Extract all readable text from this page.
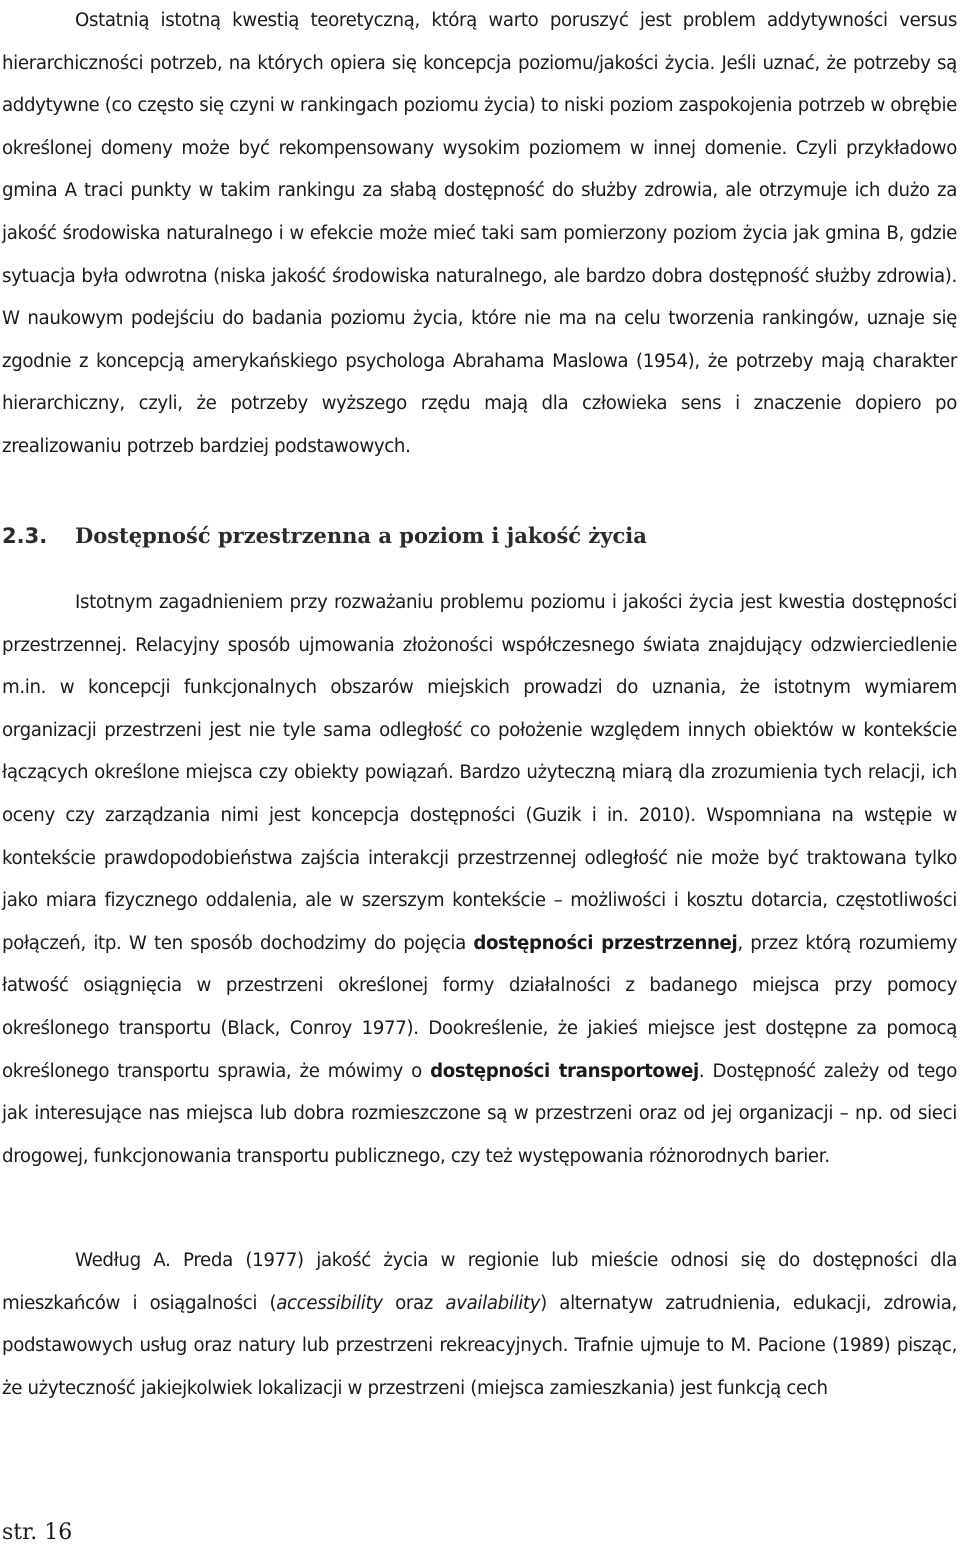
Ostatnią istotną kwestią teoretyczną, którą warto poruszyć jest problem addytywności versus hierarchiczności potrzeb, na których opiera się koncepcja poziomu/jakości życia. Jeśli uznać, że potrzeby są addytywne (co często się czyni w rankingach poziomu życia) to niski poziom zaspokojenia potrzeb w obrębie określonej domeny może być rekompensowany wysokim poziomem w innej domenie. Czyli przykładowo gmina A traci punkty w takim rankingu za słabą dostępność do służby zdrowia, ale otrzymuje ich dużo za jakość środowiska naturalnego i w efekcie może mieć taki sam pomierzony poziom życia jak gmina B, gdzie sytuacja była odwrotna (niska jakość środowiska naturalnego, ale bardzo dobra dostępność służby zdrowia). W naukowym podejściu do badania poziomu życia, które nie ma na celu tworzenia rankingów, uznaje się zgodnie z koncepcją amerykańskiego psychologa Abrahama Maslowa (1954), że potrzeby mają charakter hierarchiczny, czyli, że potrzeby wyższego rzędu mają dla człowieka sens i znaczenie dopiero po zrealizowaniu potrzeb bardziej podstawowych.

2.3. Dostępność przestrzenna a poziom i jakość życia

Istotnym zagadnieniem przy rozważaniu problemu poziomu i jakości życia jest kwestia dostępności przestrzennej. Relacyjny sposób ujmowania złożoności współczesnego świata znajdujący odzwierciedlenie m.in. w koncepcji funkcjonalnych obszarów miejskich prowadzi do uznania, że istotnym wymiarem organizacji przestrzeni jest nie tyle sama odległość co położenie względem innych obiektów w kontekście łączących określone miejsca czy obiekty powiązań. Bardzo użyteczną miarą dla zrozumienia tych relacji, ich oceny czy zarządzania nimi jest koncepcja dostępności (Guzik i in. 2010). Wspomniana na wstępie w kontekście prawdopodobieństwa zajścia interakcji przestrzennej odległość nie może być traktowana tylko jako miara fizycznego oddalenia, ale w szerszym kontekście – możliwości i kosztu dotarcia, częstotliwości połączeń, itp. W ten sposób dochodzimy do pojęcia dostępności przestrzennej, przez którą rozumiemy łatwość osiągnięcia w przestrzeni określonej formy działalności z badanego miejsca przy pomocy określonego transportu (Black, Conroy 1977). Dookreślenie, że jakieś miejsce jest dostępne za pomocą określonego transportu sprawia, że mówimy o dostępności transportowej. Dostępność zależy od tego jak interesujące nas miejsca lub dobra rozmieszczone są w przestrzeni oraz od jej organizacji – np. od sieci drogowej, funkcjonowania transportu publicznego, czy też występowania różnorodnych barier.

Według A. Preda (1977) jakość życia w regionie lub mieście odnosi się do dostępności dla mieszkańców i osiągalności (accessibility oraz availability) alternatyw zatrudnienia, edukacji, zdrowia, podstawowych usług oraz natury lub przestrzeni rekreacyjnych. Trafnie ujmuje to M. Pacione (1989) pisząc, że użyteczność jakiejkolwiek lokalizacji w przestrzeni (miejsca zamieszkania) jest funkcją cech

str. 16
